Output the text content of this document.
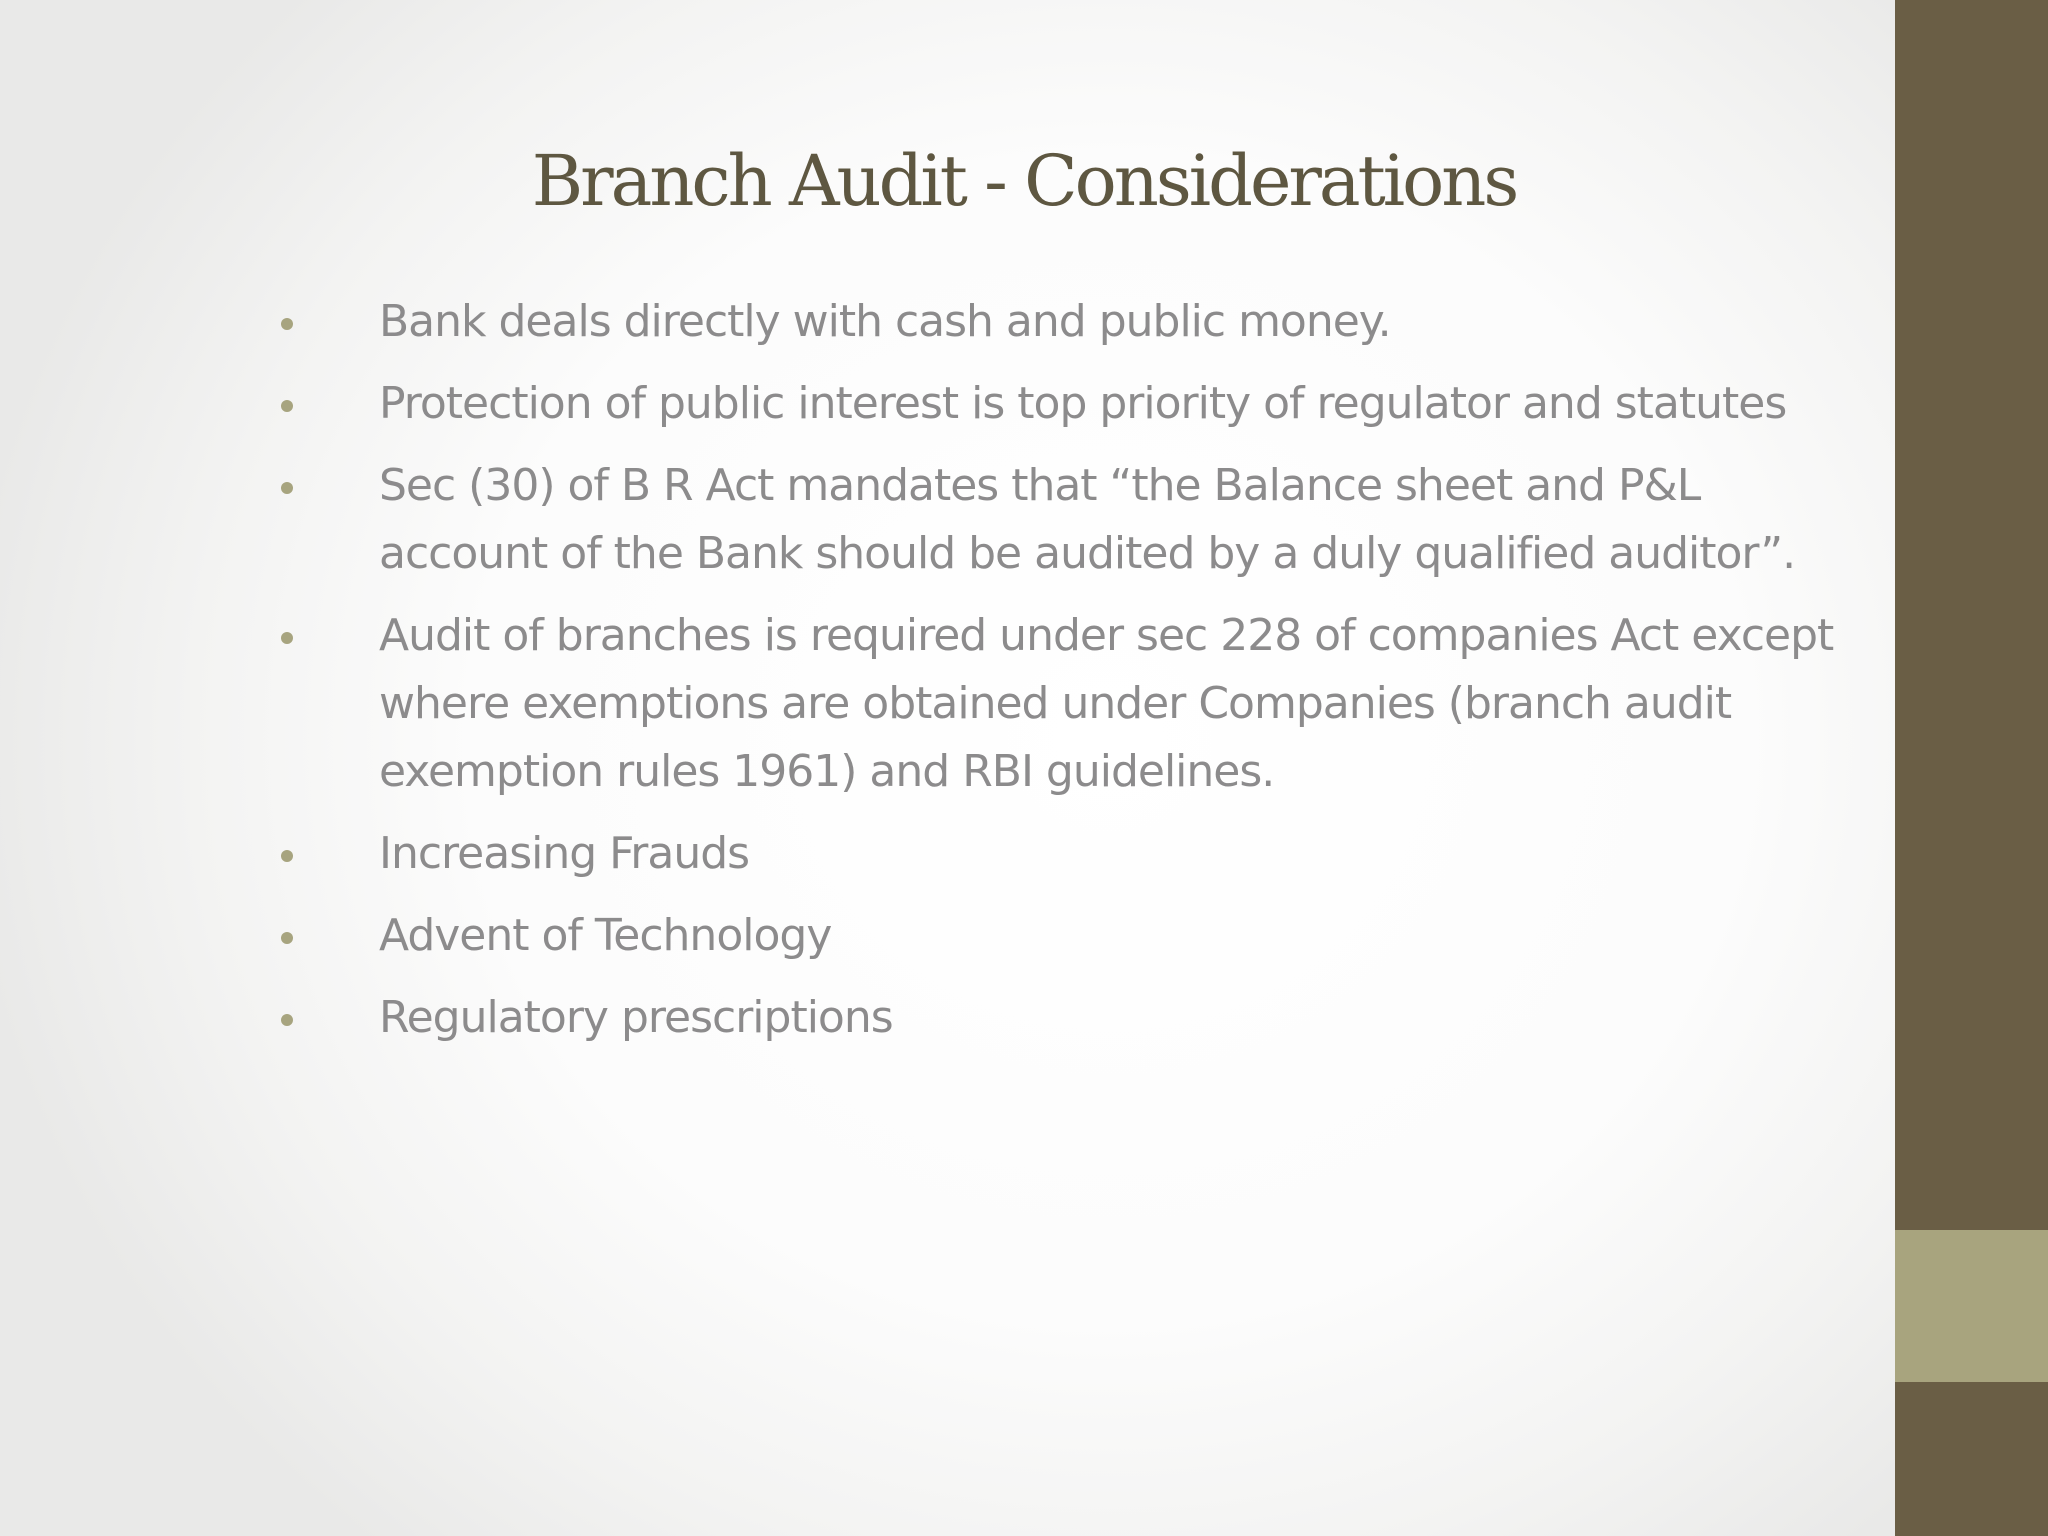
Branch Audit - Considerations
Bank deals directly with cash and public money.
Protection of public interest is top priority of regulator and statutes
Sec (30) of B R Act mandates that “the Balance sheet and P&L account of the Bank should be audited by a duly qualified auditor”.
Audit of branches is required under sec 228 of companies Act except where exemptions are obtained under Companies (branch audit exemption rules 1961) and RBI guidelines.
Increasing Frauds
Advent of Technology
Regulatory prescriptions
